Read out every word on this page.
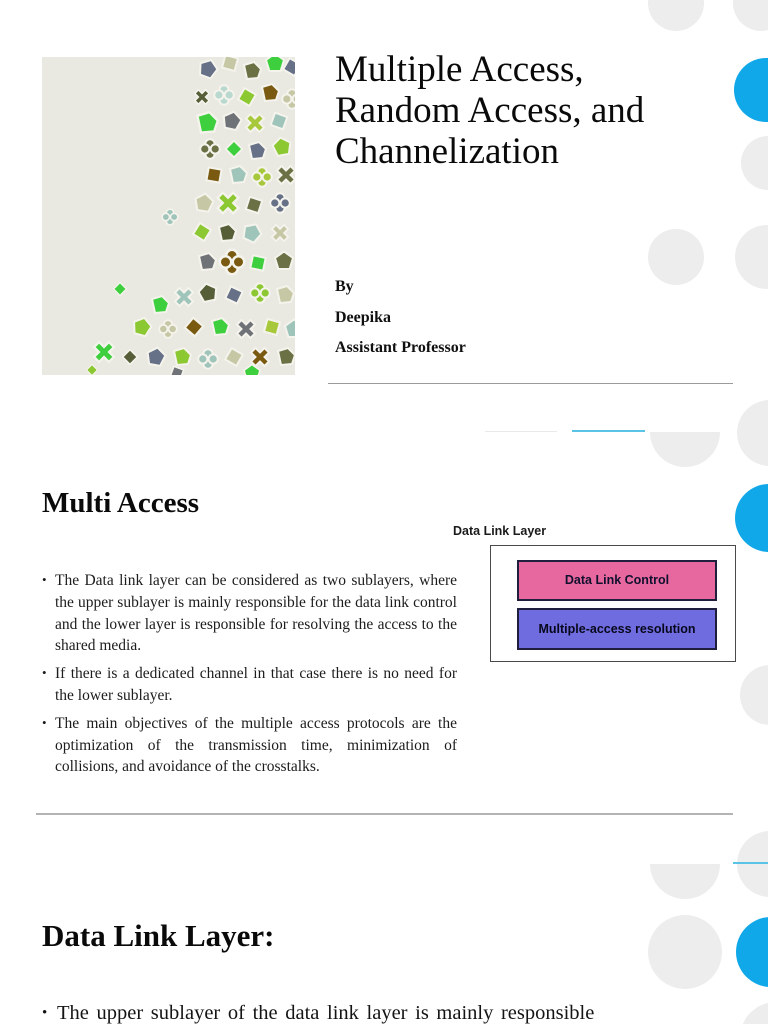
Multiple Access,
Random Access, and
Channelization
By
Deepika
Assistant Professor
Multi Access

• The Data link layer can be considered as two sublayers, where the upper sublayer is mainly responsible for the data link control and the lower layer is responsible for resolving the access to the shared media.

• If there is a dedicated channel in that case there is no need for the lower sublayer.

• The main objectives of the multiple access protocols are the optimization of the transmission time, minimization of collisions, and avoidance of the crosstalks.

Data Link Layer

Data Link Control
Multiple-access resolution
Data Link Layer:

• The upper sublayer of the data link layer is mainly responsible
